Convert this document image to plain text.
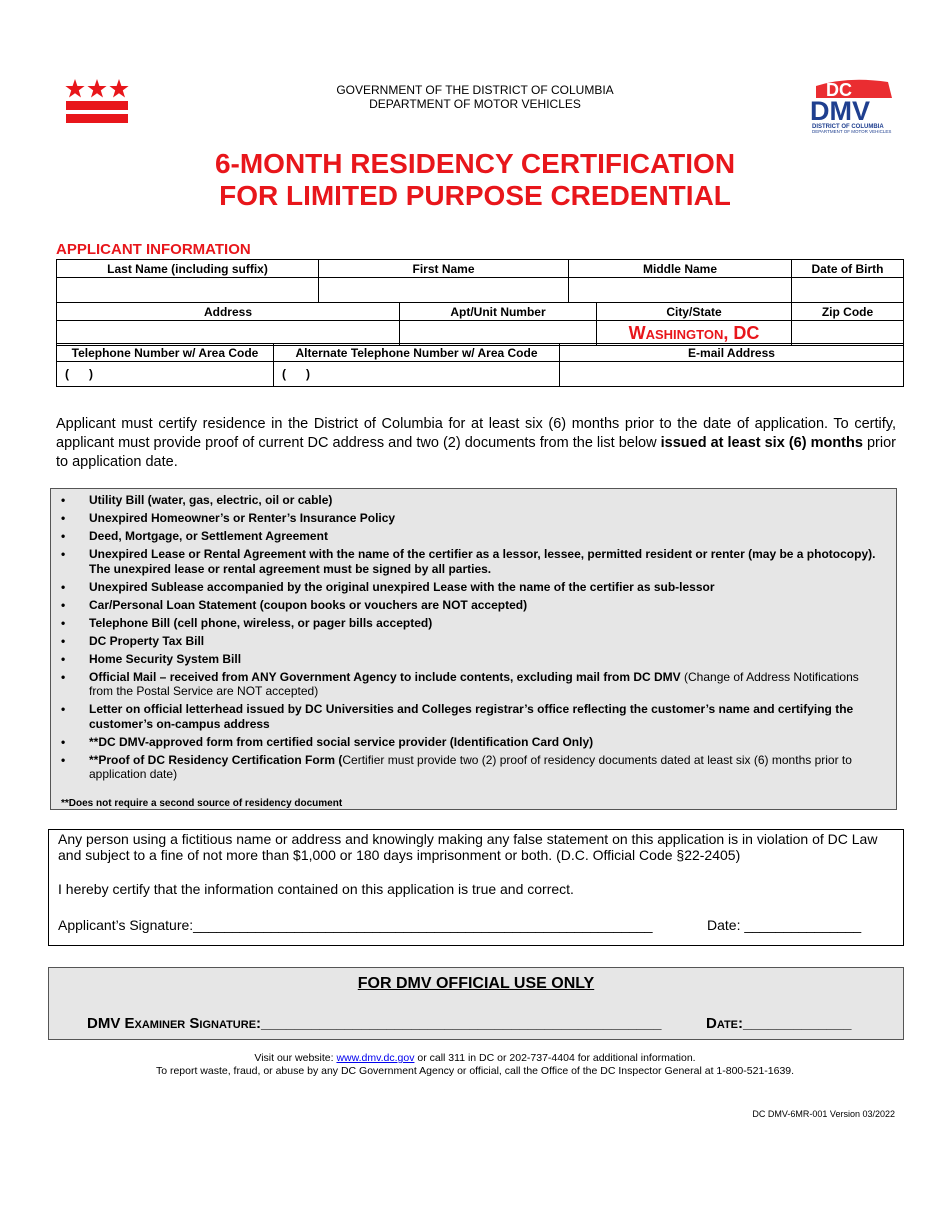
GOVERNMENT OF THE DISTRICT OF COLUMBIA
DEPARTMENT OF MOTOR VEHICLES
DC
DMV
DISTRICT OF COLUMBIA
DEPARTMENT OF MOTOR VEHICLES
6-MONTH RESIDENCY CERTIFICATION
FOR LIMITED PURPOSE CREDENTIAL
APPLICANT INFORMATION
Last Name (including suffix)	First Name	Middle Name	Date of Birth

Address	Apt/Unit Number	City/State	Zip Code
		Washington, DC	
Telephone Number w/ Area Code	Alternate Telephone Number w/ Area Code	E-mail Address
(      )	(      )	
Applicant must certify residence in the District of Columbia for at least six (6) months prior to the date of application. To certify, applicant must provide proof of current DC address and two (2) documents from the list below issued at least six (6) months prior to application date.
• Utility Bill (water, gas, electric, oil or cable)
• Unexpired Homeowner’s or Renter’s Insurance Policy
• Deed, Mortgage, or Settlement Agreement
• Unexpired Lease or Rental Agreement with the name of the certifier as a lessor, lessee, permitted resident or renter (may be a photocopy). The unexpired lease or rental agreement must be signed by all parties.
• Unexpired Sublease accompanied by the original unexpired Lease with the name of the certifier as sub-lessor
• Car/Personal Loan Statement (coupon books or vouchers are NOT accepted)
• Telephone Bill (cell phone, wireless, or pager bills accepted)
• DC Property Tax Bill
• Home Security System Bill
• Official Mail – received from ANY Government Agency to include contents, excluding mail from DC DMV (Change of Address Notifications from the Postal Service are NOT accepted)
• Letter on official letterhead issued by DC Universities and Colleges registrar’s office reflecting the customer’s name and certifying the customer’s on-campus address
• **DC DMV-approved form from certified social service provider (Identification Card Only)
• **Proof of DC Residency Certification Form (Certifier must provide two (2) proof of residency documents dated at least six (6) months prior to application date)
**Does not require a second source of residency document
Any person using a fictitious name or address and knowingly making any false statement on this application is in violation of DC Law and subject to a fine of not more than $1,000 or 180 days imprisonment or both. (D.C. Official Code §22-2405)
I hereby certify that the information contained on this application is true and correct.
Applicant’s Signature:___________________________________________________________	Date: _______________
FOR DMV OFFICIAL USE ONLY
DMV Examiner Signature:________________________________________________	Date:_____________
Visit our website: www.dmv.dc.gov or call 311 in DC or 202-737-4404 for additional information.
To report waste, fraud, or abuse by any DC Government Agency or official, call the Office of the DC Inspector General at 1-800-521-1639.
DC DMV-6MR-001 Version 03/2022
